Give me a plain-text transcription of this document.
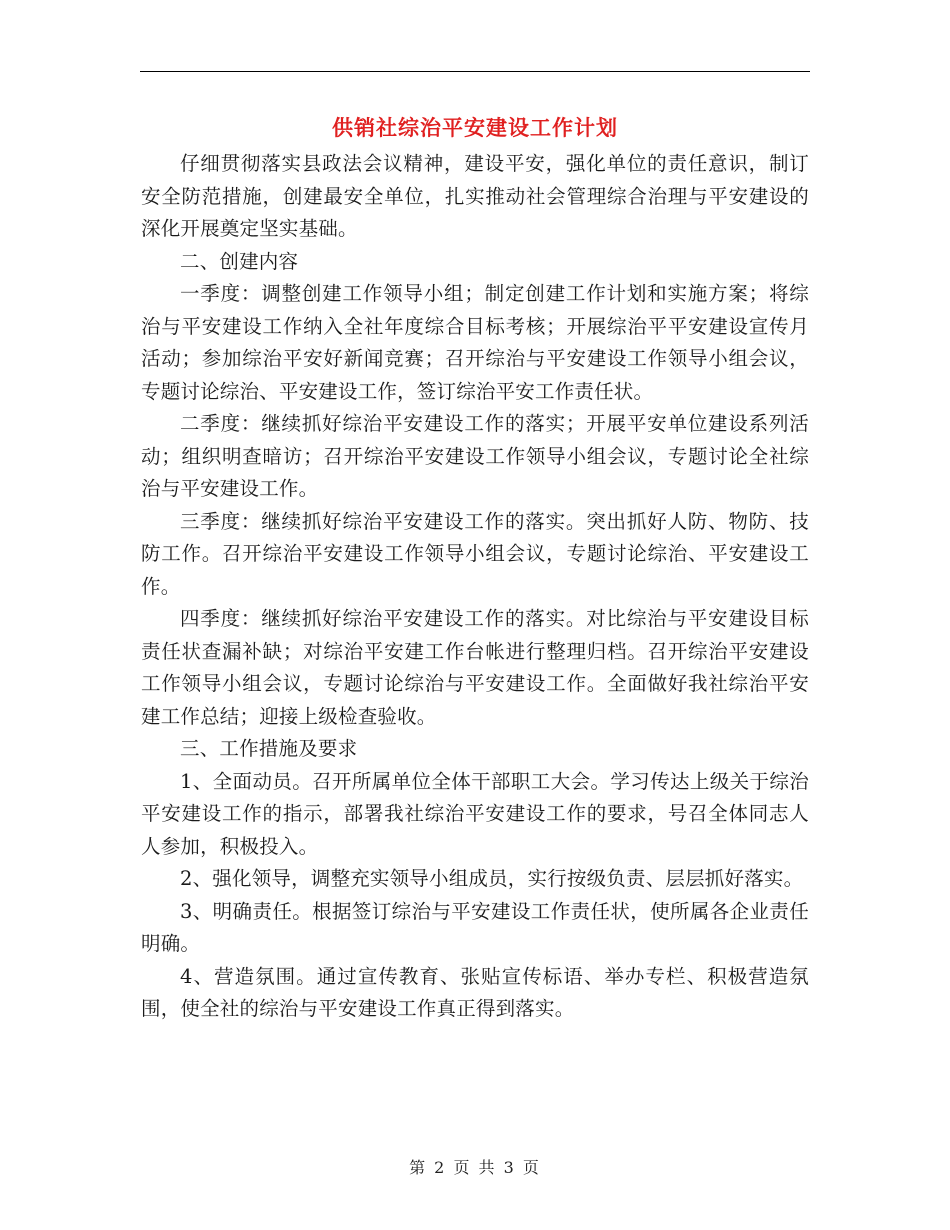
供销社综治平安建设工作计划

仔细贯彻落实县政法会议精神，建设平安，强化单位的责任意识，制订安全防范措施，创建最安全单位，扎实推动社会管理综合治理与平安建设的深化开展奠定坚实基础。

二、创建内容

一季度：调整创建工作领导小组；制定创建工作计划和实施方案；将综治与平安建设工作纳入全社年度综合目标考核；开展综治平平安建设宣传月活动；参加综治平安好新闻竞赛；召开综治与平安建设工作领导小组会议，专题讨论综治、平安建设工作，签订综治平安工作责任状。

二季度：继续抓好综治平安建设工作的落实；开展平安单位建设系列活动；组织明查暗访；召开综治平安建设工作领导小组会议，专题讨论全社综治与平安建设工作。

三季度：继续抓好综治平安建设工作的落实。突出抓好人防、物防、技防工作。召开综治平安建设工作领导小组会议，专题讨论综治、平安建设工作。

四季度：继续抓好综治平安建设工作的落实。对比综治与平安建设目标责任状查漏补缺；对综治平安建工作台帐进行整理归档。召开综治平安建设工作领导小组会议，专题讨论综治与平安建设工作。全面做好我社综治平安建工作总结；迎接上级检查验收。

三、工作措施及要求

1、全面动员。召开所属单位全体干部职工大会。学习传达上级关于综治平安建设工作的指示，部署我社综治平安建设工作的要求，号召全体同志人人参加，积极投入。

2、强化领导，调整充实领导小组成员，实行按级负责、层层抓好落实。

3、明确责任。根据签订综治与平安建设工作责任状，使所属各企业责任明确。

4、营造氛围。通过宣传教育、张贴宣传标语、举办专栏、积极营造氛围，使全社的综治与平安建设工作真正得到落实。

第 2 页 共 3 页
